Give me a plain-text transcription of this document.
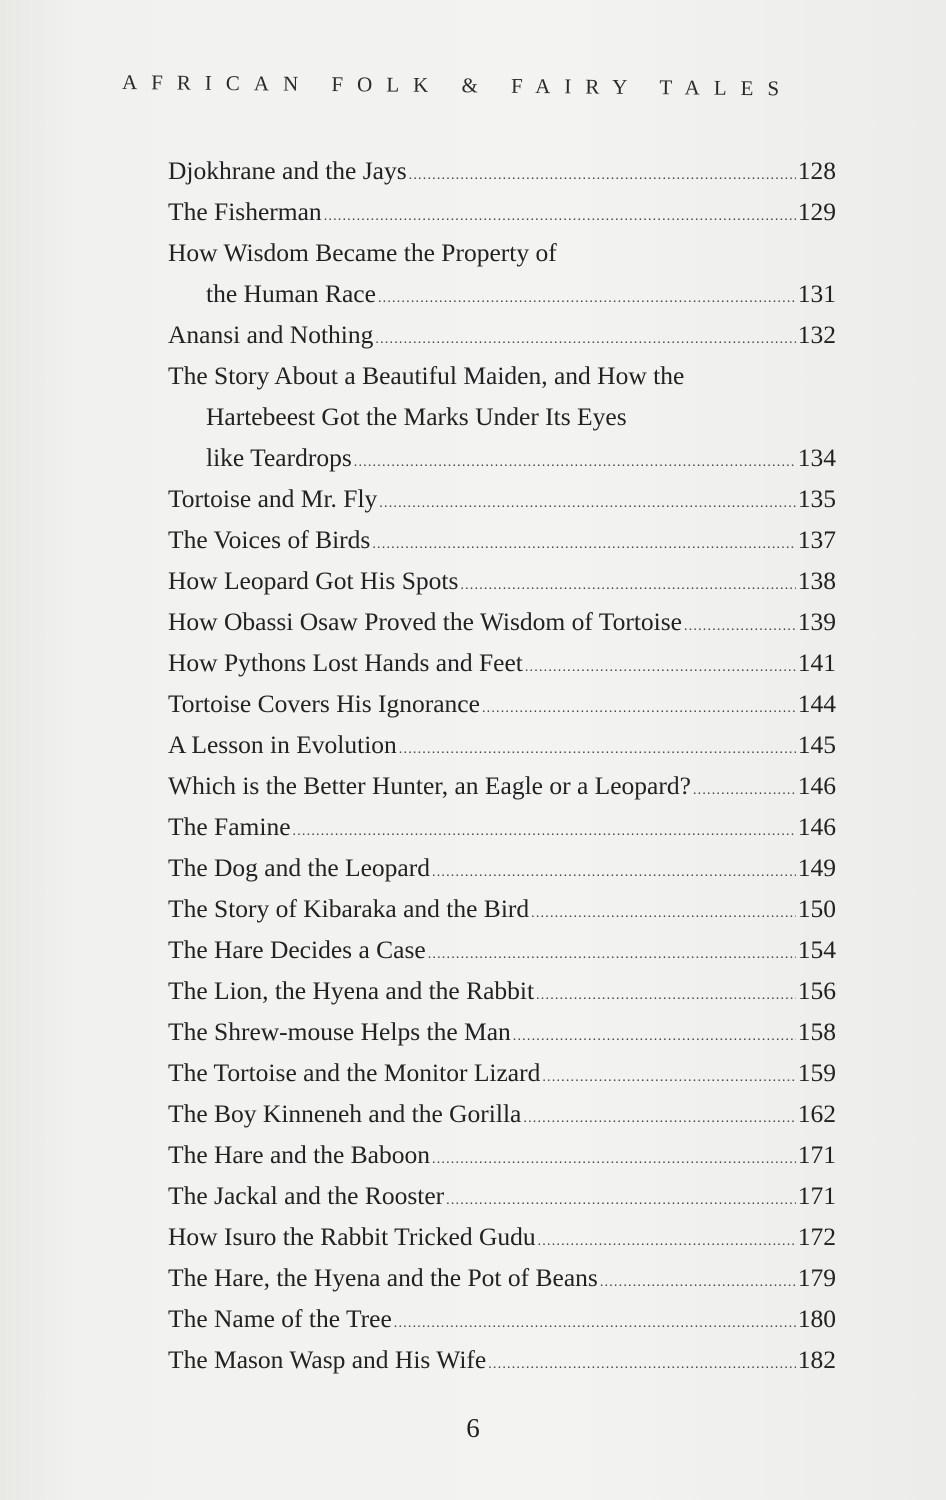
AFRICAN FOLK & FAIRY TALES
Djokhrane and the Jays .....	128
The Fisherman .....	129
How Wisdom Became the Property of
the Human Race .....	131
Anansi and Nothing .....	132
The Story About a Beautiful Maiden, and How the
Hartebeest Got the Marks Under Its Eyes
like Teardrops .....	134
Tortoise and Mr. Fly .....	135
The Voices of Birds .....	137
How Leopard Got His Spots .....	138
How Obassi Osaw Proved the Wisdom of Tortoise .....	139
How Pythons Lost Hands and Feet .....	141
Tortoise Covers His Ignorance .....	144
A Lesson in Evolution .....	145
Which is the Better Hunter, an Eagle or a Leopard? .....	146
The Famine .....	146
The Dog and the Leopard .....	149
The Story of Kibaraka and the Bird .....	150
The Hare Decides a Case .....	154
The Lion, the Hyena and the Rabbit .....	156
The Shrew-mouse Helps the Man .....	158
The Tortoise and the Monitor Lizard .....	159
The Boy Kinneneh and the Gorilla .....	162
The Hare and the Baboon .....	171
The Jackal and the Rooster .....	171
How Isuro the Rabbit Tricked Gudu .....	172
The Hare, the Hyena and the Pot of Beans .....	179
The Name of the Tree .....	180
The Mason Wasp and His Wife .....	182
6
